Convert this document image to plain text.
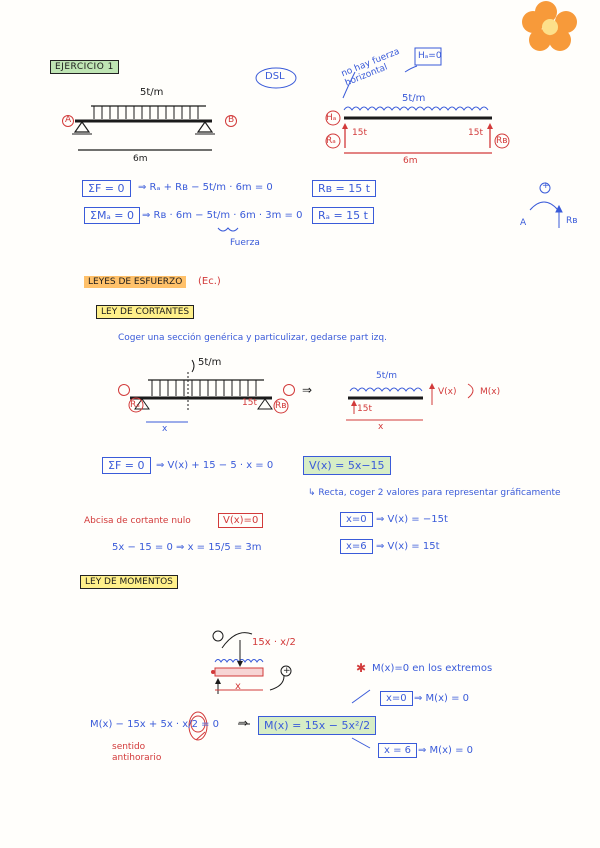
EJERCICIO 1
5t/m
A	B
6m
DSL	no hay fuerza horizontal
Hₐ=0
Hₐ
5t/m
Rₐ	Rʙ
15t	15t
6m
ΣF = 0	⇒ Rₐ + Rʙ − 5t/m · 6m = 0	Rʙ = 15 t
ΣMₐ = 0 ⇒ Rʙ · 6m − 5t/m · 6m · 3m = 0
Fuerza
Rₐ = 15 t
A	Rʙ
+
LEYES DE ESFUERZO	(Ec.)
LEY DE CORTANTES
Coger una sección genérica y particulizar, gedarse part izq.
5t/m
Rₐ	Rʙ
15t
x
⇒
5t/m
15t
V(x)	M(x)
x
ΣF = 0	⇒ V(x) + 15 − 5 · x = 0	V(x) = 5x−15
↳ Recta, coger 2 valores para representar gráficamente
Abcisa de cortante nulo	V(x)=0	x=0 ⇒ V(x) = −15t
x=6 ⇒ V(x) = 15t
5x − 15 = 0 ⇒ x = 15/5 = 3m
LEY DE MOMENTOS
15x · x/2
x
+
M(x) − 15x + 5x · x/2 = 0
sentido antihorario
⇒	M(x) = 15x − 5x²/2
✱ M(x)=0 en los extremos
x=0 ⇒ M(x) = 0
x = 6 ⇒ M(x) = 0
